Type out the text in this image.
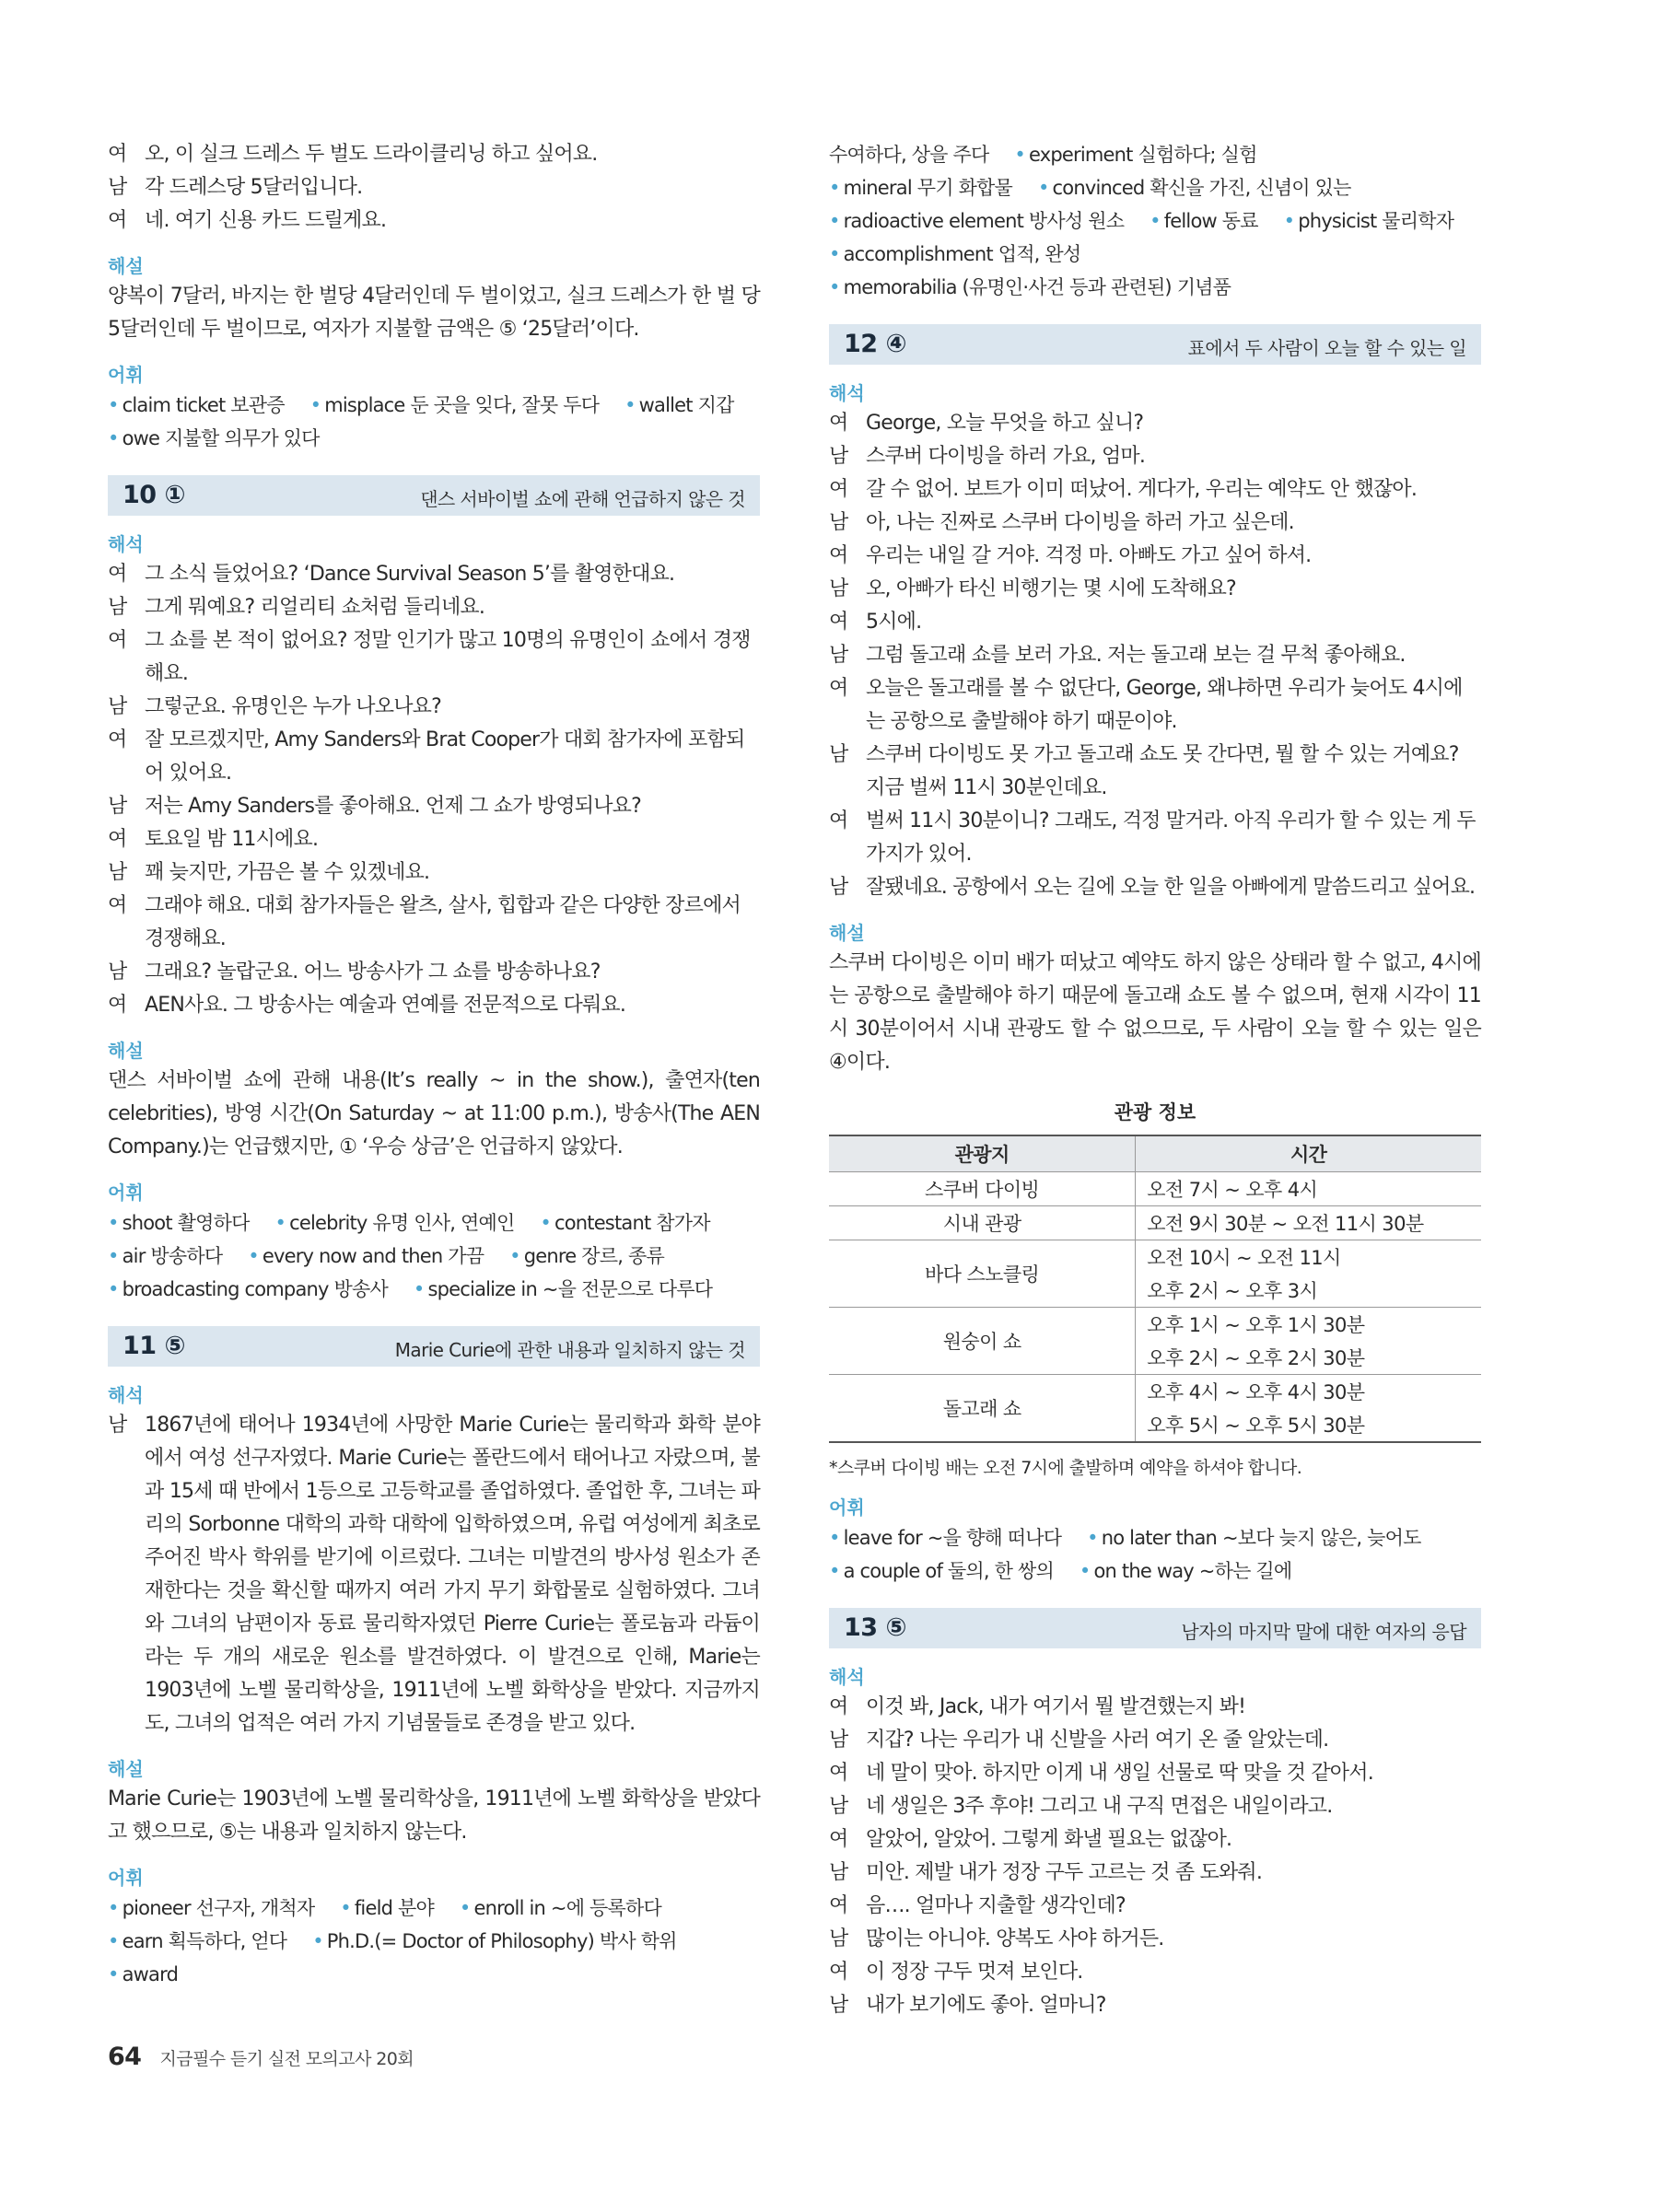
여 오, 이 실크 드레스 두 벌도 드라이클리닝 하고 싶어요.
남 각 드레스당 5달러입니다.
여 네. 여기 신용 카드 드릴게요.
해설
양복이 7달러, 바지는 한 벌당 4달러인데 두 벌이었고, 실크 드레스가 한 벌 당 5달러인데 두 벌이므로, 여자가 지불할 금액은 ⑤ ‘25달러’이다.
어휘
• claim ticket 보관증 • misplace 둔 곳을 잊다, 잘못 두다 • wallet 지갑 • owe 지불할 의무가 있다
10 ①	댄스 서바이벌 쇼에 관해 언급하지 않은 것
해석
여 그 소식 들었어요? ‘Dance Survival Season 5’를 촬영한대요.
남 그게 뭐예요? 리얼리티 쇼처럼 들리네요.
여 그 쇼를 본 적이 없어요? 정말 인기가 많고 10명의 유명인이 쇼에서 경쟁해요.
남 그렇군요. 유명인은 누가 나오나요?
여 잘 모르겠지만, Amy Sanders와 Brat Cooper가 대회 참가자에 포함되어 있어요.
남 저는 Amy Sanders를 좋아해요. 언제 그 쇼가 방영되나요?
여 토요일 밤 11시에요.
남 꽤 늦지만, 가끔은 볼 수 있겠네요.
여 그래야 해요. 대회 참가자들은 왈츠, 살사, 힙합과 같은 다양한 장르에서 경쟁해요.
남 그래요? 놀랍군요. 어느 방송사가 그 쇼를 방송하나요?
여 AEN사요. 그 방송사는 예술과 연예를 전문적으로 다뤄요.
해설
댄스 서바이벌 쇼에 관해 내용(It’s really ~ in the show.), 출연자(ten celebrities), 방영 시간(On Saturday ~ at 11:00 p.m.), 방송사(The AEN Company.)는 언급했지만, ① ‘우승 상금’은 언급하지 않았다.
어휘
• shoot 촬영하다 • celebrity 유명 인사, 연예인 • contestant 참가자 • air 방송하다 • every now and then 가끔 • genre 장르, 종류 • broadcasting company 방송사 • specialize in ~을 전문으로 다루다
11 ⑤	Marie Curie에 관한 내용과 일치하지 않는 것
해석
남 1867년에 태어나 1934년에 사망한 Marie Curie는 물리학과 화학 분야에서 여성 선구자였다. Marie Curie는 폴란드에서 태어나고 자랐으며, 불과 15세 때 반에서 1등으로 고등학교를 졸업하였다. 졸업한 후, 그녀는 파리의 Sorbonne 대학의 과학 대학에 입학하였으며, 유럽 여성에게 최초로 주어진 박사 학위를 받기에 이르렀다. 그녀는 미발견의 방사성 원소가 존재한다는 것을 확신할 때까지 여러 가지 무기 화합물로 실험하였다. 그녀와 그녀의 남편이자 동료 물리학자였던 Pierre Curie는 폴로늄과 라듐이라는 두 개의 새로운 원소를 발견하였다. 이 발견으로 인해, Marie는 1903년에 노벨 물리학상을, 1911년에 노벨 화학상을 받았다. 지금까지도, 그녀의 업적은 여러 가지 기념물들로 존경을 받고 있다.
해설
Marie Curie는 1903년에 노벨 물리학상을, 1911년에 노벨 화학상을 받았다고 했으므로, ⑤는 내용과 일치하지 않는다.
어휘
• pioneer 선구자, 개척자 • field 분야 • enroll in ~에 등록하다 • earn 획득하다, 얻다 • Ph.D.(= Doctor of Philosophy) 박사 학위 • award
수여하다, 상을 주다 • experiment 실험하다; 실험 • mineral 무기 화합물 • convinced 확신을 가진, 신념이 있는 • radioactive element 방사성 원소 • fellow 동료 • physicist 물리학자 • accomplishment 업적, 완성 • memorabilia (유명인·사건 등과 관련된) 기념품
12 ④	표에서 두 사람이 오늘 할 수 있는 일
해석
여 George, 오늘 무엇을 하고 싶니?
남 스쿠버 다이빙을 하러 가요, 엄마.
여 갈 수 없어. 보트가 이미 떠났어. 게다가, 우리는 예약도 안 했잖아.
남 아, 나는 진짜로 스쿠버 다이빙을 하러 가고 싶은데.
여 우리는 내일 갈 거야. 걱정 마. 아빠도 가고 싶어 하셔.
남 오, 아빠가 타신 비행기는 몇 시에 도착해요?
여 5시에.
남 그럼 돌고래 쇼를 보러 가요. 저는 돌고래 보는 걸 무척 좋아해요.
여 오늘은 돌고래를 볼 수 없단다, George, 왜냐하면 우리가 늦어도 4시에는 공항으로 출발해야 하기 때문이야.
남 스쿠버 다이빙도 못 가고 돌고래 쇼도 못 간다면, 뭘 할 수 있는 거예요? 지금 벌써 11시 30분인데요.
여 벌써 11시 30분이니? 그래도, 걱정 말거라. 아직 우리가 할 수 있는 게 두 가지가 있어.
남 잘됐네요. 공항에서 오는 길에 오늘 한 일을 아빠에게 말씀드리고 싶어요.
해설
스쿠버 다이빙은 이미 배가 떠났고 예약도 하지 않은 상태라 할 수 없고, 4시에는 공항으로 출발해야 하기 때문에 돌고래 쇼도 볼 수 없으며, 현재 시각이 11시 30분이어서 시내 관광도 할 수 없으므로, 두 사람이 오늘 할 수 있는 일은 ④이다.
관광 정보
관광지	시간
스쿠버 다이빙	오전 7시 ~ 오후 4시
시내 관광	오전 9시 30분 ~ 오전 11시 30분
바다 스노클링	오전 10시 ~ 오전 11시
	오후 2시 ~ 오후 3시
원숭이 쇼	오후 1시 ~ 오후 1시 30분
	오후 2시 ~ 오후 2시 30분
돌고래 쇼	오후 4시 ~ 오후 4시 30분
	오후 5시 ~ 오후 5시 30분
*스쿠버 다이빙 배는 오전 7시에 출발하며 예약을 하셔야 합니다.
어휘
• leave for ~을 향해 떠나다 • no later than ~보다 늦지 않은, 늦어도 • a couple of 둘의, 한 쌍의 • on the way ~하는 길에
13 ⑤	남자의 마지막 말에 대한 여자의 응답
해석
여 이것 봐, Jack, 내가 여기서 뭘 발견했는지 봐!
남 지갑? 나는 우리가 내 신발을 사러 여기 온 줄 알았는데.
여 네 말이 맞아. 하지만 이게 내 생일 선물로 딱 맞을 것 같아서.
남 네 생일은 3주 후야! 그리고 내 구직 면접은 내일이라고.
여 알았어, 알았어. 그렇게 화낼 필요는 없잖아.
남 미안. 제발 내가 정장 구두 고르는 것 좀 도와줘.
여 음…. 얼마나 지출할 생각인데?
남 많이는 아니야. 양복도 사야 하거든.
여 이 정장 구두 멋져 보인다.
남 내가 보기에도 좋아. 얼마니?
64 지금필수 듣기 실전 모의고사 20회
